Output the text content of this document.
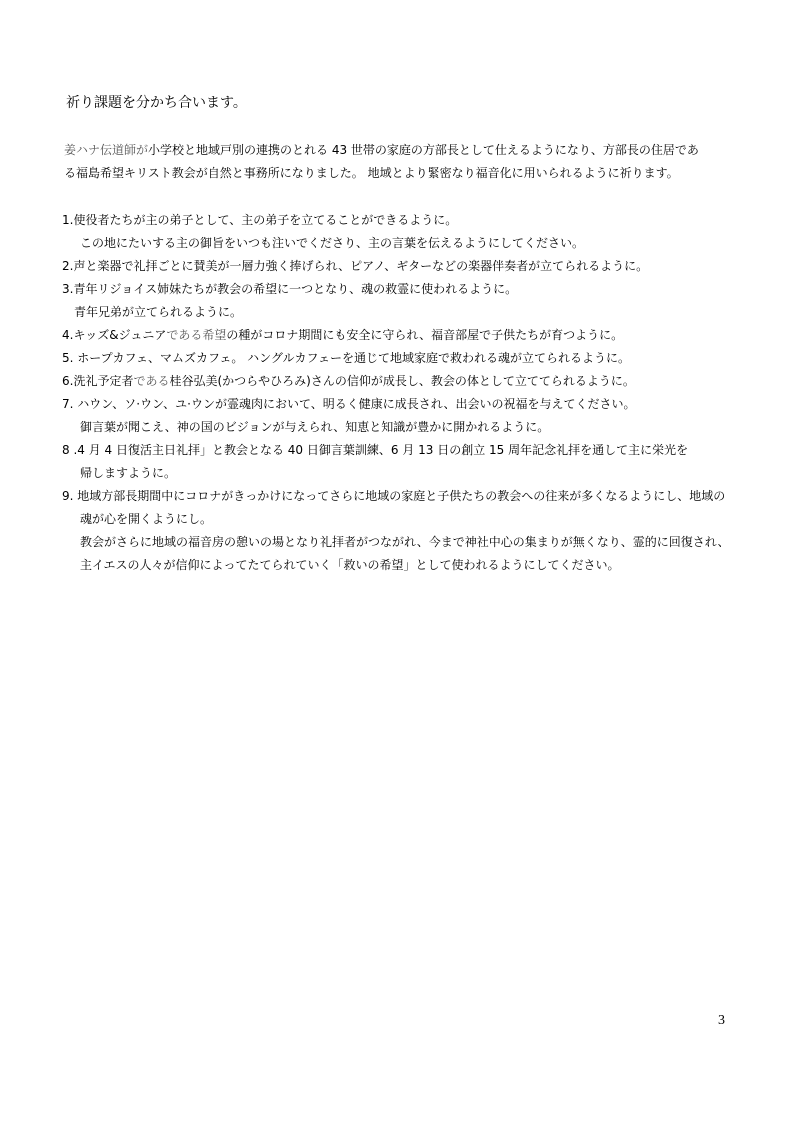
祈り課題を分かち合います。
姜ハナ伝道師が小学校と地域戸別の連携のとれる 43 世帯の家庭の方部長として仕えるようになり、方部長の住居であ
る福島希望キリスト教会が自然と事務所になりました。 地域とより緊密なり福音化に用いられるように祈ります。
1.使役者たちが主の弟子として、主の弟子を立てることができるように。
この地にたいする主の御旨をいつも注いでくださり、主の言葉を伝えるようにしてください。
2.声と楽器で礼拝ごとに賛美が一層力強く捧げられ、ピアノ、ギターなどの楽器伴奏者が立てられるように。
3.青年リジョイス姉妹たちが教会の希望に一つとなり、魂の救霊に使われるように。
青年兄弟が立てられるように。
4.キッズ&ジュニアである希望の種がコロナ期間にも安全に守られ、福音部屋で子供たちが育つように。
5. ホープカフェ、マムズカフェ。 ハングルカフェーを通じて地域家庭で救われる魂が立てられるように。
6.洗礼予定者である桂谷弘美(かつらやひろみ)さんの信仰が成長し、教会の体として立ててられるように。
7. ハウン、ソ·ウン、ユ·ウンが霊魂肉において、明るく健康に成長され、出会いの祝福を与えてください。
御言葉が聞こえ、神の国のビジョンが与えられ、知恵と知識が豊かに開かれるように。
8 .4 月 4 日復活主日礼拝」と教会となる 40 日御言葉訓練、6 月 13 日の創立 15 周年記念礼拝を通して主に栄光を
帰しますように。
9. 地域方部長期間中にコロナがきっかけになってさらに地域の家庭と子供たちの教会への往来が多くなるようにし、地域の
魂が心を開くようにし。
教会がさらに地域の福音房の憩いの場となり礼拝者がつながれ、今まで神社中心の集まりが無くなり、霊的に回復され、
主イエスの人々が信仰によってたてられていく「救いの希望」として使われるようにしてください。
3
